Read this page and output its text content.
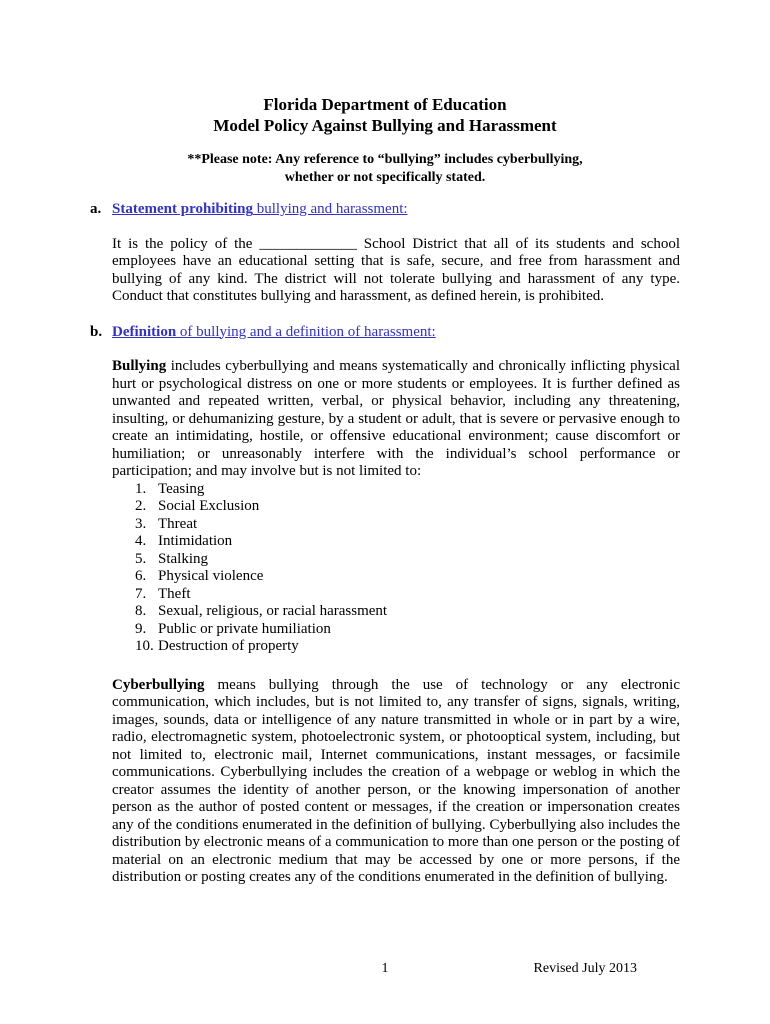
Florida Department of Education
Model Policy Against Bullying and Harassment
**Please note: Any reference to “bullying” includes cyberbullying,
whether or not specifically stated.
a. Statement prohibiting bullying and harassment:

It is the policy of the _____________ School District that all of its students and school employees have an educational setting that is safe, secure, and free from harassment and bullying of any kind. The district will not tolerate bullying and harassment of any type. Conduct that constitutes bullying and harassment, as defined herein, is prohibited.

b. Definition of bullying and a definition of harassment:

Bullying includes cyberbullying and means systematically and chronically inflicting physical hurt or psychological distress on one or more students or employees. It is further defined as unwanted and repeated written, verbal, or physical behavior, including any threatening, insulting, or dehumanizing gesture, by a student or adult, that is severe or pervasive enough to create an intimidating, hostile, or offensive educational environment; cause discomfort or humiliation; or unreasonably interfere with the individual’s school performance or participation; and may involve but is not limited to:

1. Teasing
2. Social Exclusion
3. Threat
4. Intimidation
5. Stalking
6. Physical violence
7. Theft
8. Sexual, religious, or racial harassment
9. Public or private humiliation
10. Destruction of property

Cyberbullying means bullying through the use of technology or any electronic communication, which includes, but is not limited to, any transfer of signs, signals, writing, images, sounds, data or intelligence of any nature transmitted in whole or in part by a wire, radio, electromagnetic system, photoelectronic system, or photooptical system, including, but not limited to, electronic mail, Internet communications, instant messages, or facsimile communications. Cyberbullying includes the creation of a webpage or weblog in which the creator assumes the identity of another person, or the knowing impersonation of another person as the author of posted content or messages, if the creation or impersonation creates any of the conditions enumerated in the definition of bullying. Cyberbullying also includes the distribution by electronic means of a communication to more than one person or the posting of material on an electronic medium that may be accessed by one or more persons, if the distribution or posting creates any of the conditions enumerated in the definition of bullying.

1	Revised July 2013
